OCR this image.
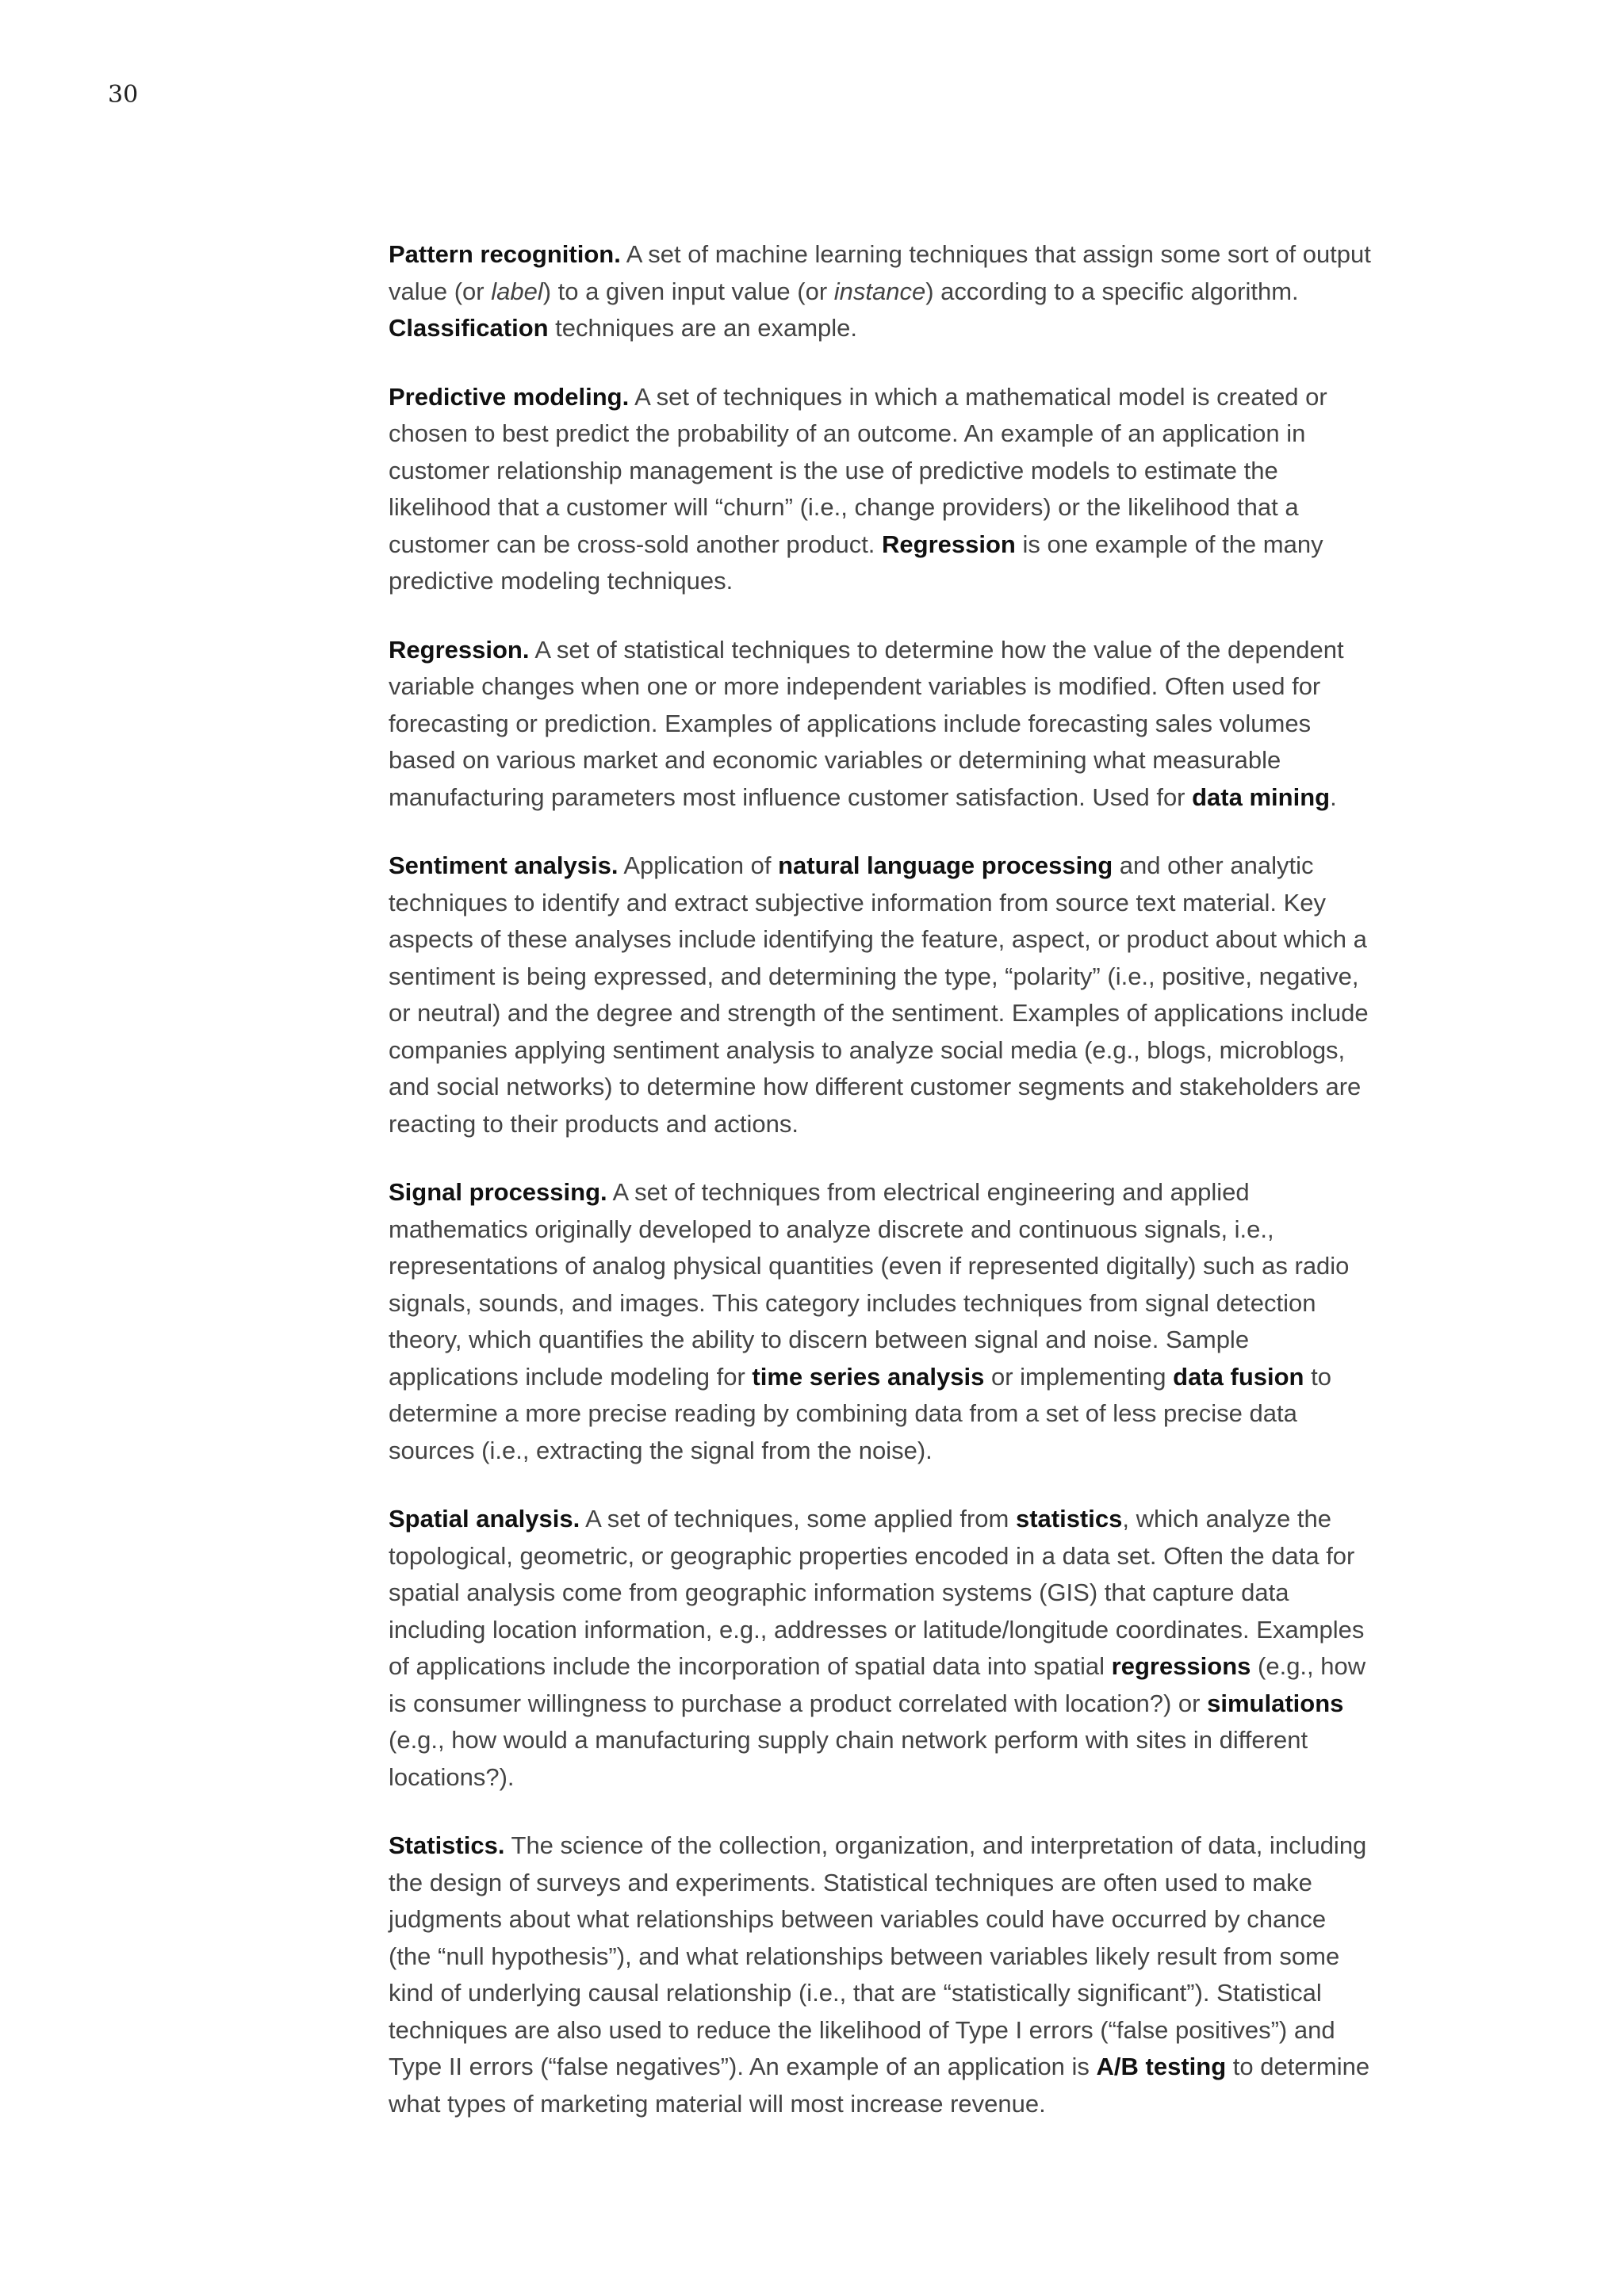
30

Pattern recognition. A set of machine learning techniques that assign some sort of output value (or label) to a given input value (or instance) according to a specific algorithm. Classification techniques are an example.

Predictive modeling. A set of techniques in which a mathematical model is created or chosen to best predict the probability of an outcome. An example of an application in customer relationship management is the use of predictive models to estimate the likelihood that a customer will “churn” (i.e., change providers) or the likelihood that a customer can be cross-sold another product. Regression is one example of the many predictive modeling techniques.

Regression. A set of statistical techniques to determine how the value of the dependent variable changes when one or more independent variables is modified. Often used for forecasting or prediction. Examples of applications include forecasting sales volumes based on various market and economic variables or determining what measurable manufacturing parameters most influence customer satisfaction. Used for data mining.

Sentiment analysis. Application of natural language processing and other analytic techniques to identify and extract subjective information from source text material. Key aspects of these analyses include identifying the feature, aspect, or product about which a sentiment is being expressed, and determining the type, “polarity” (i.e., positive, negative, or neutral) and the degree and strength of the sentiment. Examples of applications include companies applying sentiment analysis to analyze social media (e.g., blogs, microblogs, and social networks) to determine how different customer segments and stakeholders are reacting to their products and actions.

Signal processing. A set of techniques from electrical engineering and applied mathematics originally developed to analyze discrete and continuous signals, i.e., representations of analog physical quantities (even if represented digitally) such as radio signals, sounds, and images. This category includes techniques from signal detection theory, which quantifies the ability to discern between signal and noise. Sample applications include modeling for time series analysis or implementing data fusion to determine a more precise reading by combining data from a set of less precise data sources (i.e., extracting the signal from the noise).

Spatial analysis. A set of techniques, some applied from statistics, which analyze the topological, geometric, or geographic properties encoded in a data set. Often the data for spatial analysis come from geographic information systems (GIS) that capture data including location information, e.g., addresses or latitude/longitude coordinates. Examples of applications include the incorporation of spatial data into spatial regressions (e.g., how is consumer willingness to purchase a product correlated with location?) or simulations (e.g., how would a manufacturing supply chain network perform with sites in different locations?).

Statistics. The science of the collection, organization, and interpretation of data, including the design of surveys and experiments. Statistical techniques are often used to make judgments about what relationships between variables could have occurred by chance (the “null hypothesis”), and what relationships between variables likely result from some kind of underlying causal relationship (i.e., that are “statistically significant”). Statistical techniques are also used to reduce the likelihood of Type I errors (“false positives”) and Type II errors (“false negatives”). An example of an application is A/B testing to determine what types of marketing material will most increase revenue.
